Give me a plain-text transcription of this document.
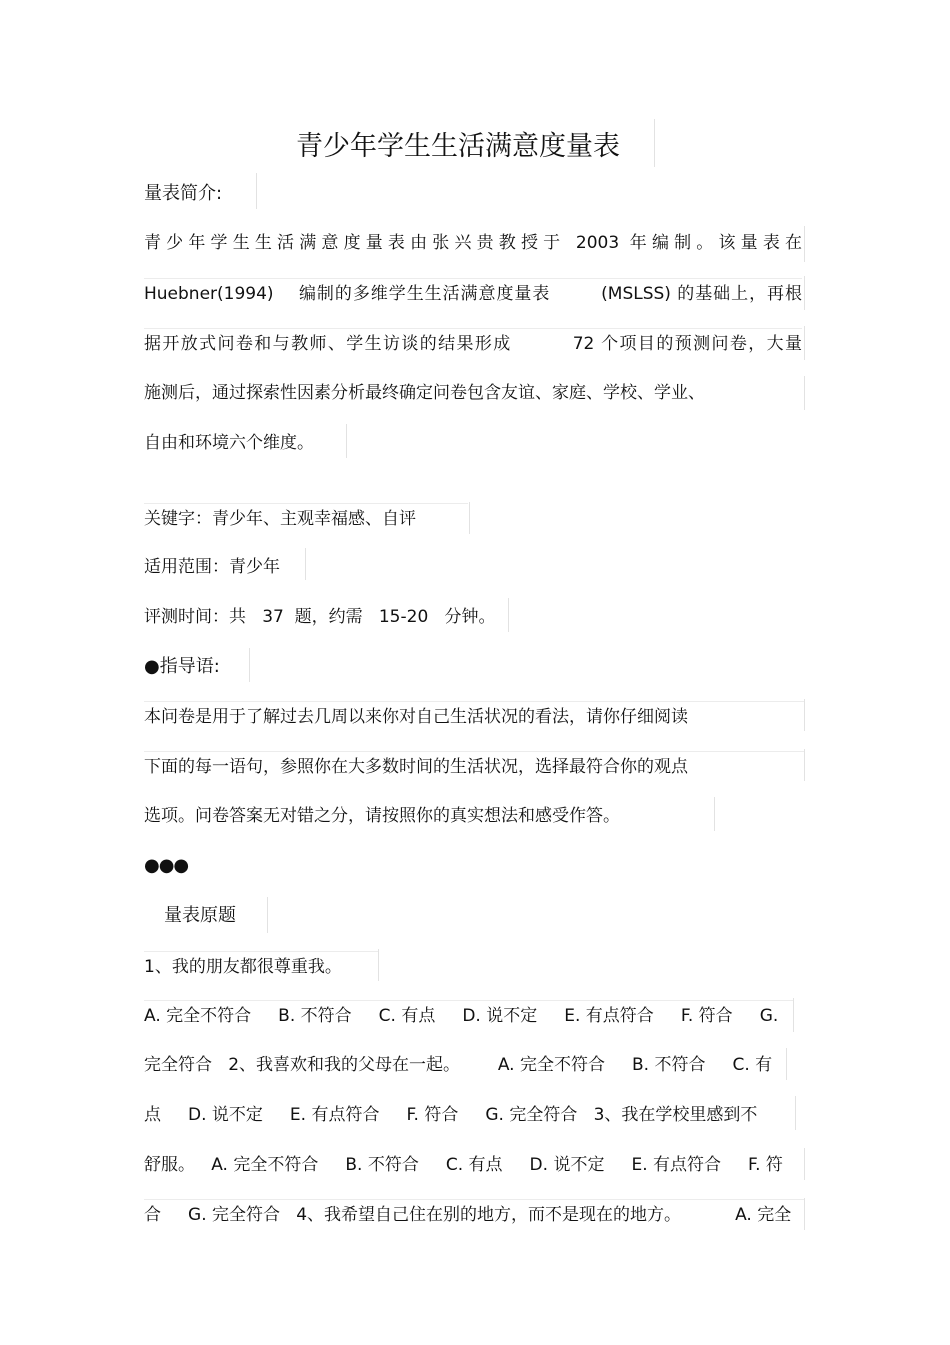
青少年学生生活满意度量表
量表简介:
青少年学生生活满意度量表由张兴贵教授于 2003 年编制。该量表在
Huebner(1994)    编制的多维学生生活满意度量表        (MSLSS) 的基础上，再根
据开放式问卷和与教师、学生访谈的结果形成         72 个项目的预测问卷，大量
施测后，通过探索性因素分析最终确定问卷包含友谊、家庭、学校、学业、
自由和环境六个维度。
关键字：青少年、主观幸福感、自评
适用范围：青少年
评测时间：共   37  题，约需   15-20   分钟。
●指导语:
本问卷是用于了解过去几周以来你对自己生活状况的看法，请你仔细阅读
下面的每一语句，参照你在大多数时间的生活状况，选择最符合你的观点
选项。问卷答案无对错之分，请按照你的真实想法和感受作答。
●●●
量表原题
1、我的朋友都很尊重我。
A. 完全不符合     B. 不符合     C. 有点     D. 说不定     E. 有点符合     F. 符合     G.
完全符合   2、我喜欢和我的父母在一起。       A. 完全不符合     B. 不符合     C. 有
点     D. 说不定     E. 有点符合     F. 符合     G. 完全符合   3、我在学校里感到不
舒服。   A. 完全不符合     B. 不符合     C. 有点     D. 说不定     E. 有点符合     F. 符
合     G. 完全符合   4、我希望自己住在别的地方，而不是现在的地方。          A. 完全
